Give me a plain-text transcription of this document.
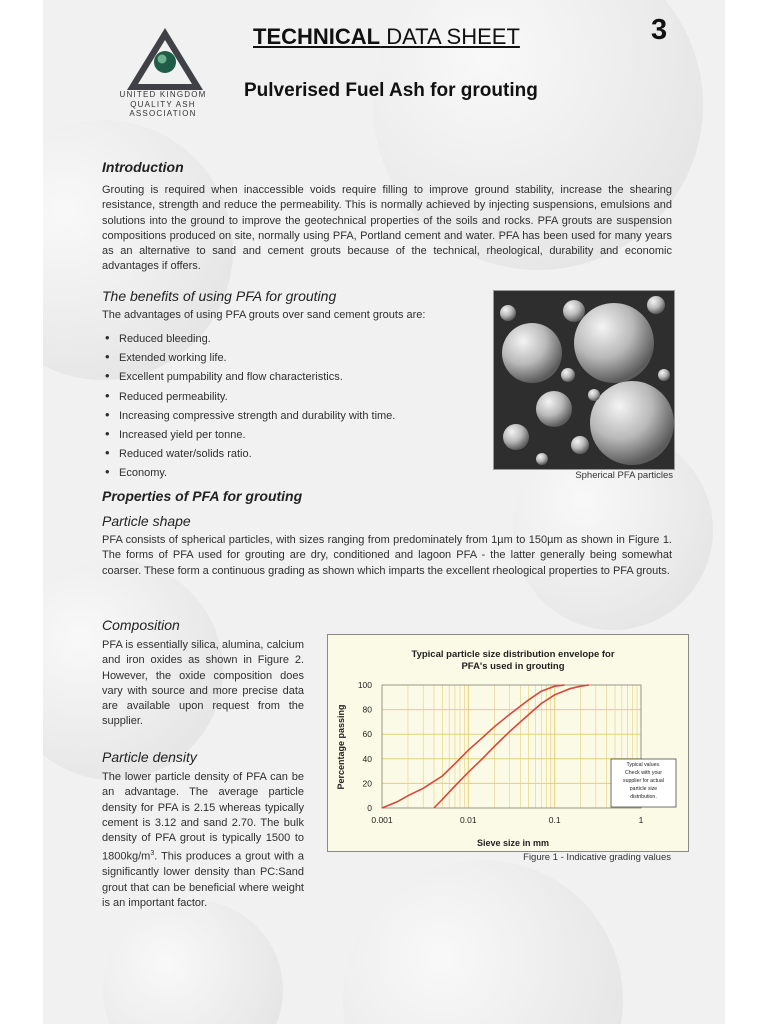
3
UNITED KINGDOM
QUALITY ASH
ASSOCIATION
TECHNICAL DATA SHEET
Pulverised Fuel Ash for grouting
Introduction

Grouting is required when inaccessible voids require filling to improve ground stability, increase the shearing resistance, strength and reduce the permeability. This is normally achieved by injecting suspensions, emulsions and solutions into the ground to improve the geotechnical properties of the soils and rocks. PFA grouts are suspension compositions produced on site, normally using PFA, Portland cement and water. PFA has been used for many years as an alternative to sand and cement grouts because of the technical, rheological, durability and economic advantages if offers.

The benefits of using PFA for grouting

The advantages of using PFA grouts over sand cement grouts are:

• Reduced bleeding.
• Extended working life.
• Excellent pumpability and flow characteristics.
• Reduced permeability.
• Increasing compressive strength and durability with time.
• Increased yield per tonne.
• Reduced water/solids ratio.
• Economy.	Spherical PFA particles
Properties of PFA for grouting
Particle shape

PFA consists of spherical particles, with sizes ranging from predominately from 1µm to 150µm as shown in Figure 1. The forms of PFA used for grouting are dry, conditioned and lagoon PFA - the latter generally being somewhat coarser. These form a continuous grading as shown which imparts the excellent rheological properties to PFA grouts.

Composition

PFA is essentially silica, alumina, calcium and iron oxides as shown in Figure 2. However, the oxide composition does vary with source and more precise data are available upon request from the supplier.

Particle density

The lower particle density of PFA can be an advantage. The average particle density for PFA is 2.15 whereas typically cement is 3.12 and sand 2.70. The bulk density of PFA grout is typically 1500 to $1800kg/m^3$. This produces a grout with a significantly lower density than PC:Sand grout that can be beneficial where weight is an important factor.

Typical particle size distribution envelope for
PFA's used in grouting
Percentage passing
Sieve size in mm
0.001	0.01	0.1	1
0
20
40
60
80
100
Typical values.
Check with your
supplier for actual
particle size
distribution.
Figure 1 - Indicative grading values
